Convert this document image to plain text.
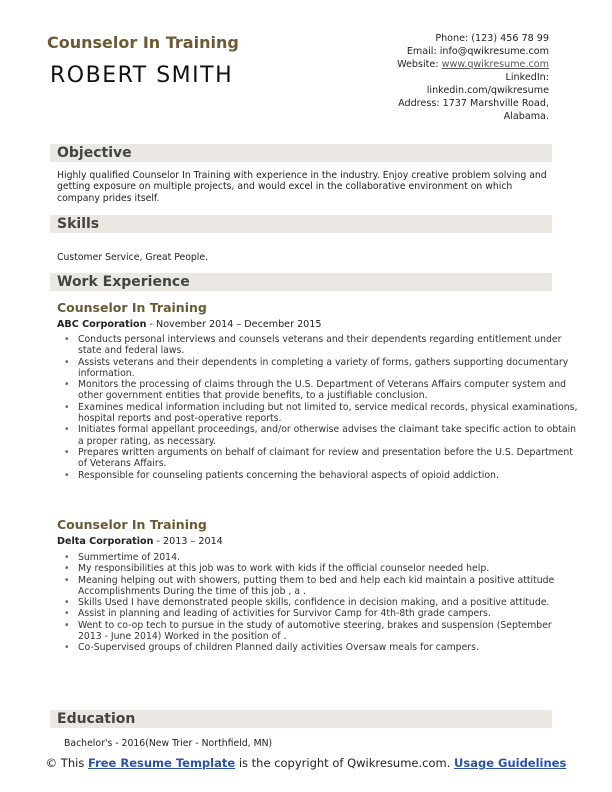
Counselor In Training
ROBERT SMITH
Phone: (123) 456 78 99
Email: info@qwikresume.com
Website: www.qwikresume.com
LinkedIn:
linkedin.com/qwikresume
Address: 1737 Marshville Road,
Alabama.
Objective
Highly qualified Counselor In Training with experience in the industry. Enjoy creative problem solving and getting exposure on multiple projects, and would excel in the collaborative environment on which company prides itself.
Skills
Customer Service, Great People.
Work Experience
Counselor In Training
ABC Corporation - November 2014 – December 2015
• Conducts personal interviews and counsels veterans and their dependents regarding entitlement under state and federal laws.
• Assists veterans and their dependents in completing a variety of forms, gathers supporting documentary information.
• Monitors the processing of claims through the U.S. Department of Veterans Affairs computer system and other government entities that provide benefits, to a justifiable conclusion.
• Examines medical information including but not limited to, service medical records, physical examinations, hospital reports and post-operative reports.
• Initiates formal appellant proceedings, and/or otherwise advises the claimant take specific action to obtain a proper rating, as necessary.
• Prepares written arguments on behalf of claimant for review and presentation before the U.S. Department of Veterans Affairs.
• Responsible for counseling patients concerning the behavioral aspects of opioid addiction.
Counselor In Training
Delta Corporation - 2013 – 2014
• Summertime of 2014.
• My responsibilities at this job was to work with kids if the official counselor needed help.
• Meaning helping out with showers, putting them to bed and help each kid maintain a positive attitude Accomplishments During the time of this job , a .
• Skills Used I have demonstrated people skills, confidence in decision making, and a positive attitude.
• Assist in planning and leading of activities for Survivor Camp for 4th-8th grade campers.
• Went to co-op tech to pursue in the study of automotive steering, brakes and suspension (September 2013 - June 2014) Worked in the position of .
• Co-Supervised groups of children Planned daily activities Oversaw meals for campers.
Education
Bachelor's - 2016(New Trier - Northfield, MN)
© This Free Resume Template is the copyright of Qwikresume.com. Usage Guidelines
